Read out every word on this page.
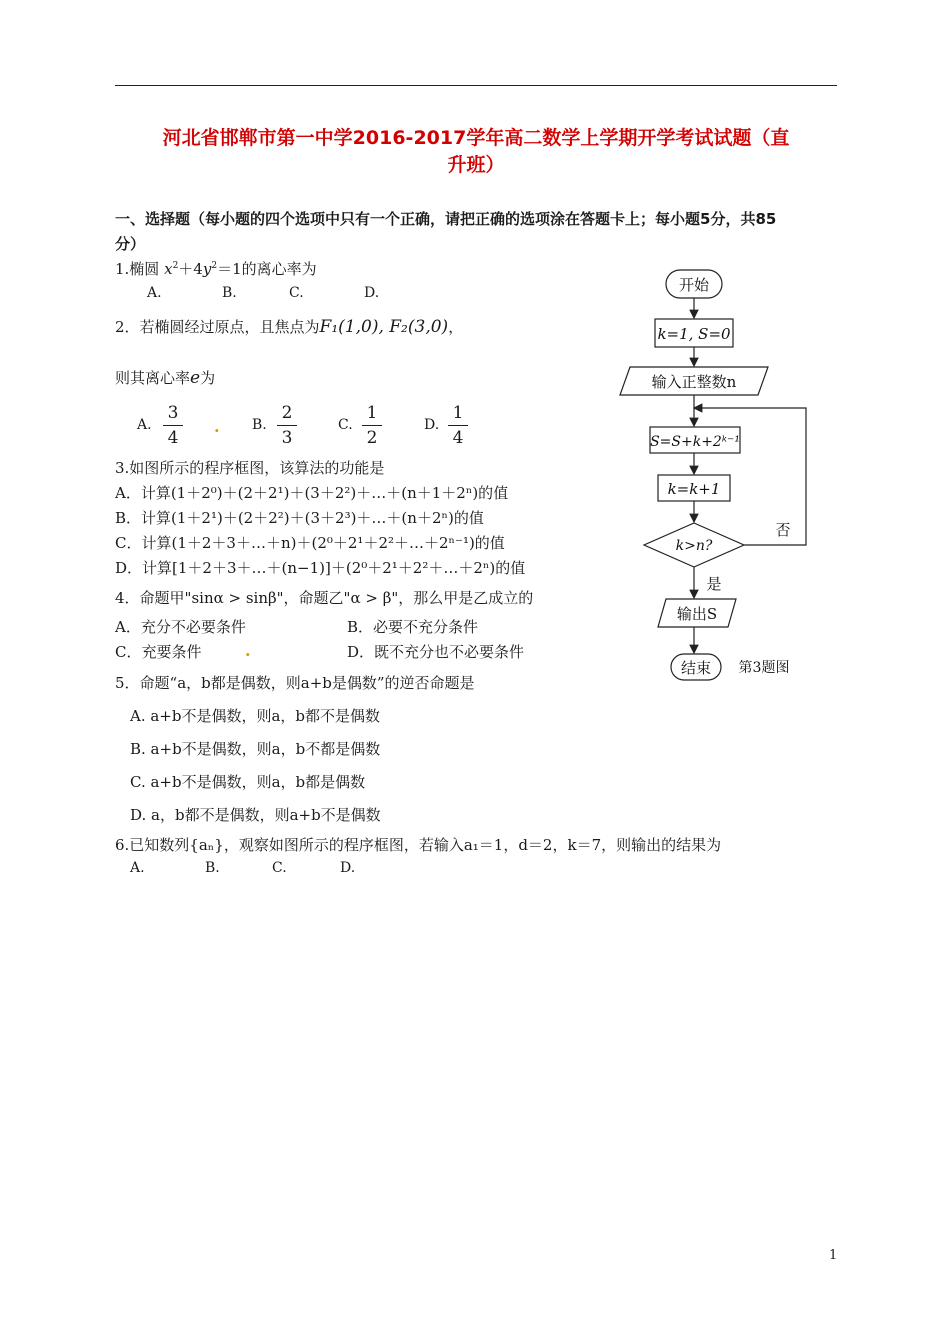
河北省邯郸市第一中学2016-2017学年高二数学上学期开学考试试题（直
升班）
一、选择题（每小题的四个选项中只有一个正确，请把正确的选项涂在答题卡上；每小题5分，共85
分）
1.椭圆 $x^2+4y^2=1$的离心率为
A.	B.	C.	D.
2．若椭圆经过原点，且焦点为F₁(1,0), F₂(3,0)，
则其离心率e为
A.
3
4
. B.
2
3
C.
1
2
D.
1
4
3.如图所示的程序框图，该算法的功能是
A．计算(1＋2⁰)＋(2＋2¹)＋(3＋2²)＋…＋(n＋1＋2ⁿ)的值
B．计算(1＋2¹)＋(2＋2²)＋(3＋2³)＋…＋(n＋2ⁿ)的值
C．计算(1＋2＋3＋…＋n)＋(2⁰＋2¹＋2²＋…＋2ⁿ⁻¹)的值
D．计算[1＋2＋3＋…＋(n−1)]＋(2⁰＋2¹＋2²＋…＋2ⁿ)的值
4．命题甲"sinα > sinβ"，命题乙"α > β"，那么甲是乙成立的
A．充分不必要条件	B．必要不充分条件
C．充要条件	.	D．既不充分也不必要条件
5．命题“a，b都是偶数，则a+b是偶数”的逆否命题是
A. a+b不是偶数，则a，b都不是偶数
B. a+b不是偶数，则a，b不都是偶数
C. a+b不是偶数，则a，b都是偶数
D. a，b都不是偶数，则a+b不是偶数
6.已知数列{aₙ}，观察如图所示的程序框图，若输入a₁＝1，d＝2，k＝7，则输出的结果为
A.	B.	C.	D.
开始
k=1, S=0
输入正整数n
S=S+k+2ᵏ⁻¹
k=k+1
k>n?
否
是
输出S
结束 第3题图
1
